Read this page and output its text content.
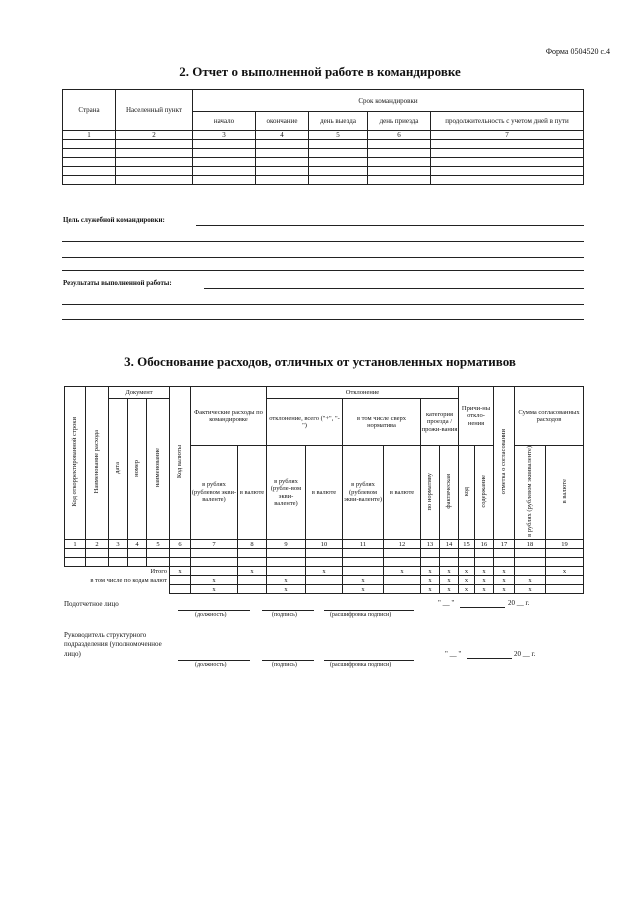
Форма 0504520 с.4
2. Отчет о выполненной работе в командировке
Страна	Населенный пункт	Срок командировки				
		начало	окончание	день выезда	день приезда	продолжительность с учетом дней в пути
1	2	3	4	5	6	7

Цель служебной командировки:
Результаты выполненной работы:
3. Обоснование расходов, отличных от установленных нормативов
Код откорректированной строки	Наименование расхода	Документ			Код валюты	Фактические расходы по командировке		Отклонение						Причи-ны откло-нения		отметка о согласовании	Сумма согласованных расходов	
		дата	номер	наименование				отклонение, всего ("+", "-")		в том числе сверх норматива		категория проезда / прожи-вания						
						в рублях (рублевом экви-валенте)	в валюте	в рублях (рубле-вом экви-валенте)	в валюте	в рублях (рублевом экви-валенте)	в валюте	по нормативу	фактическая	код	содержание		в рублях (рублевом эквиваленте)	в валюте
1	2	3	4	5	6	7	8	9	10	11	12	13	14	15	16	17	18	19

Итого					x		x		x		x	x	x	x	x	x		x
в том числе по кодам валют						x		x		x		x	x	x	x	x	x	
						x		x		x		x	x	x	x	x	x	
Подотчетное лицо
(должность)	(подпись)	(расшифровка подписи)
" __ "	20 __ г.
Руководитель структурного подразделения (уполномоченное лицо)
(должность)	(подпись)	(расшифровка подписи)
" __ "	20 __ г.
